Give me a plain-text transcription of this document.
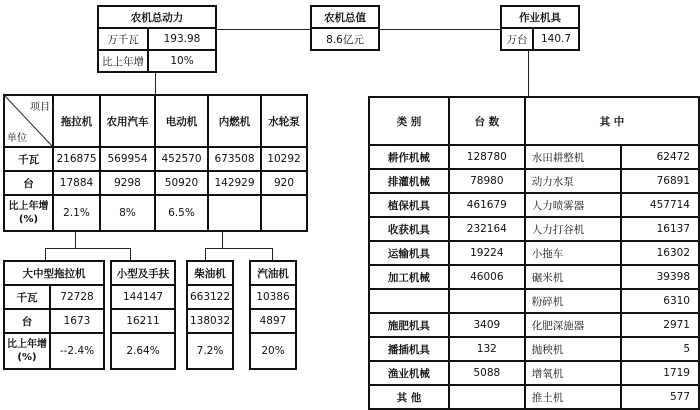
农机总动力	
万千瓦	193.98
比上年增	10%
农机总值
8.6亿元
作业机具
万台	140.7
项目
单位	拖拉机	农用汽车	电动机	内燃机	水轮泵
千瓦	216875	569954	452570	673508	10292
台	17884	9298	50920	142929	920
比上年增(%)	2.1%	8%	6.5%		
大中型拖拉机	
千瓦	72728
台	1673
比上年增(%)	--2.4%
小型及手扶
144147
16211
2.64%
柴油机
663122
138032
7.2%
汽油机
10386
4897
20%
类 别	台 数	其 中	
耕作机械	128780	水田耕整机	62472
排灌机械	78980	动力水泵	76891
植保机具	461679	人力喷雾器	457714
收获机具	232164	人力打谷机	16137
运输机具	19224	小拖车	16302
加工机械	46006	碾米机	39398
		粉碎机	6310
施肥机具	3409	化肥深施器	2971
播插机具	132	抛秧机	5
渔业机械	5088	增氧机	1719
其 他		推土机	577
